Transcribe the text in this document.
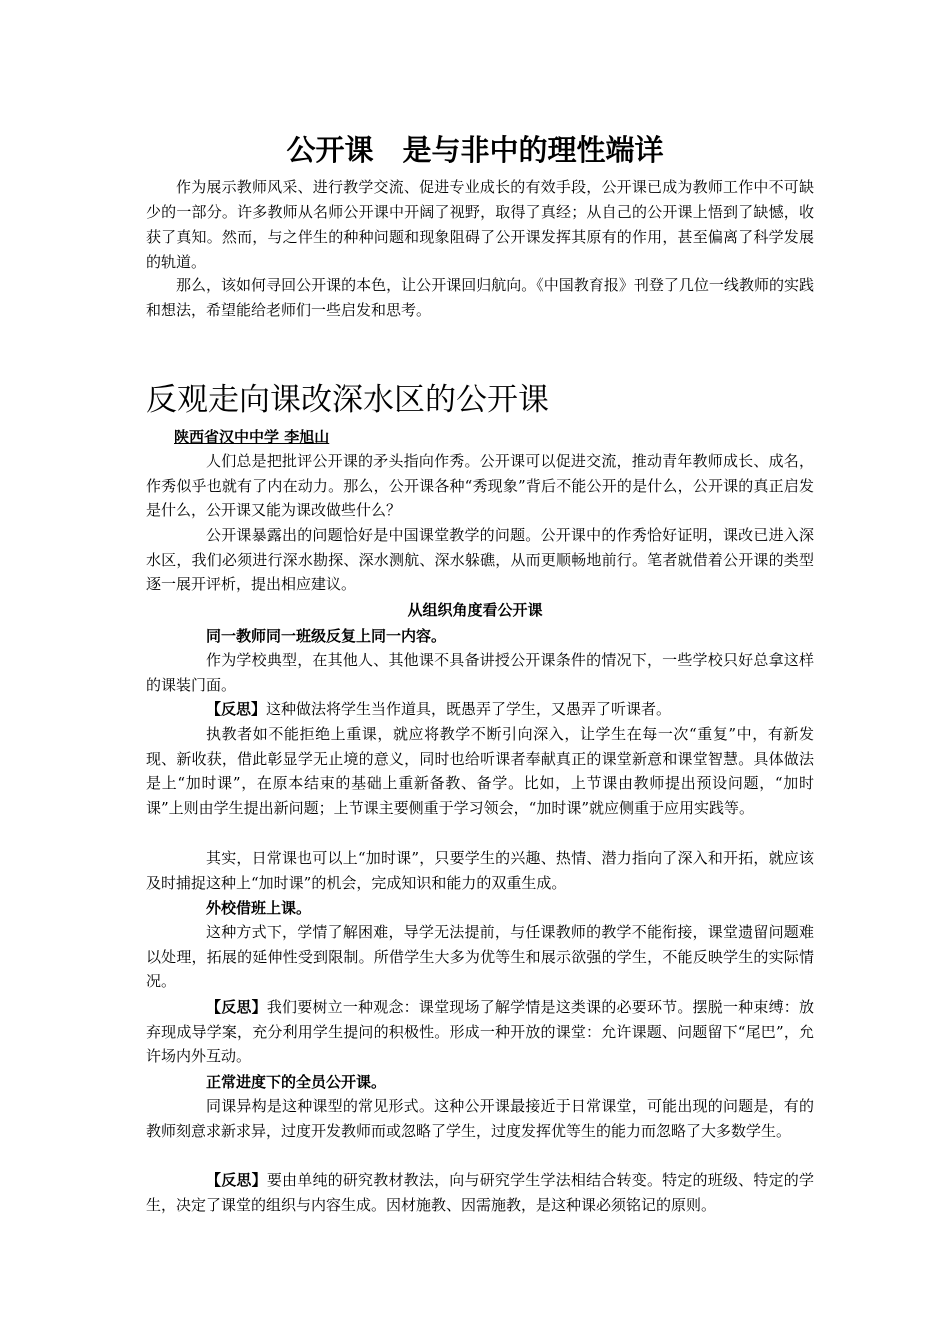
公开课　是与非中的理性端详

作为展示教师风采、进行教学交流、促进专业成长的有效手段，公开课已成为教师工作中不可缺少的一部分。许多教师从名师公开课中开阔了视野，取得了真经；从自己的公开课上悟到了缺憾，收获了真知。然而，与之伴生的种种问题和现象阻碍了公开课发挥其原有的作用，甚至偏离了科学发展的轨道。

那么，该如何寻回公开课的本色，让公开课回归航向。《中国教育报》刊登了几位一线教师的实践和想法，希望能给老师们一些启发和思考。

反观走向课改深水区的公开课
陕西省汉中中学 李旭山

人们总是把批评公开课的矛头指向作秀。公开课可以促进交流，推动青年教师成长、成名，作秀似乎也就有了内在动力。那么，公开课各种“秀现象”背后不能公开的是什么，公开课的真正启发是什么，公开课又能为课改做些什么？

公开课暴露出的问题恰好是中国课堂教学的问题。公开课中的作秀恰好证明，课改已进入深水区，我们必须进行深水勘探、深水测航、深水躲礁，从而更顺畅地前行。笔者就借着公开课的类型逐一展开评析，提出相应建议。

从组织角度看公开课
同一教师同一班级反复上同一内容。

作为学校典型，在其他人、其他课不具备讲授公开课条件的情况下，一些学校只好总拿这样的课装门面。

【反思】这种做法将学生当作道具，既愚弄了学生，又愚弄了听课者。

执教者如不能拒绝上重课，就应将教学不断引向深入，让学生在每一次“重复”中，有新发现、新收获，借此彰显学无止境的意义，同时也给听课者奉献真正的课堂新意和课堂智慧。具体做法是上“加时课”，在原本结束的基础上重新备教、备学。比如，上节课由教师提出预设问题，“加时课”上则由学生提出新问题；上节课主要侧重于学习领会，“加时课”就应侧重于应用实践等。

其实，日常课也可以上“加时课”，只要学生的兴趣、热情、潜力指向了深入和开拓，就应该及时捕捉这种上“加时课”的机会，完成知识和能力的双重生成。

外校借班上课。

这种方式下，学情了解困难，导学无法提前，与任课教师的教学不能衔接，课堂遗留问题难以处理，拓展的延伸性受到限制。所借学生大多为优等生和展示欲强的学生，不能反映学生的实际情况。

【反思】我们要树立一种观念：课堂现场了解学情是这类课的必要环节。摆脱一种束缚：放弃现成导学案，充分利用学生提问的积极性。形成一种开放的课堂：允许课题、问题留下“尾巴”，允许场内外互动。

正常进度下的全员公开课。

同课异构是这种课型的常见形式。这种公开课最接近于日常课堂，可能出现的问题是，有的教师刻意求新求异，过度开发教师而或忽略了学生，过度发挥优等生的能力而忽略了大多数学生。

【反思】要由单纯的研究教材教法，向与研究学生学法相结合转变。特定的班级、特定的学生，决定了课堂的组织与内容生成。因材施教、因需施教，是这种课必须铭记的原则。
